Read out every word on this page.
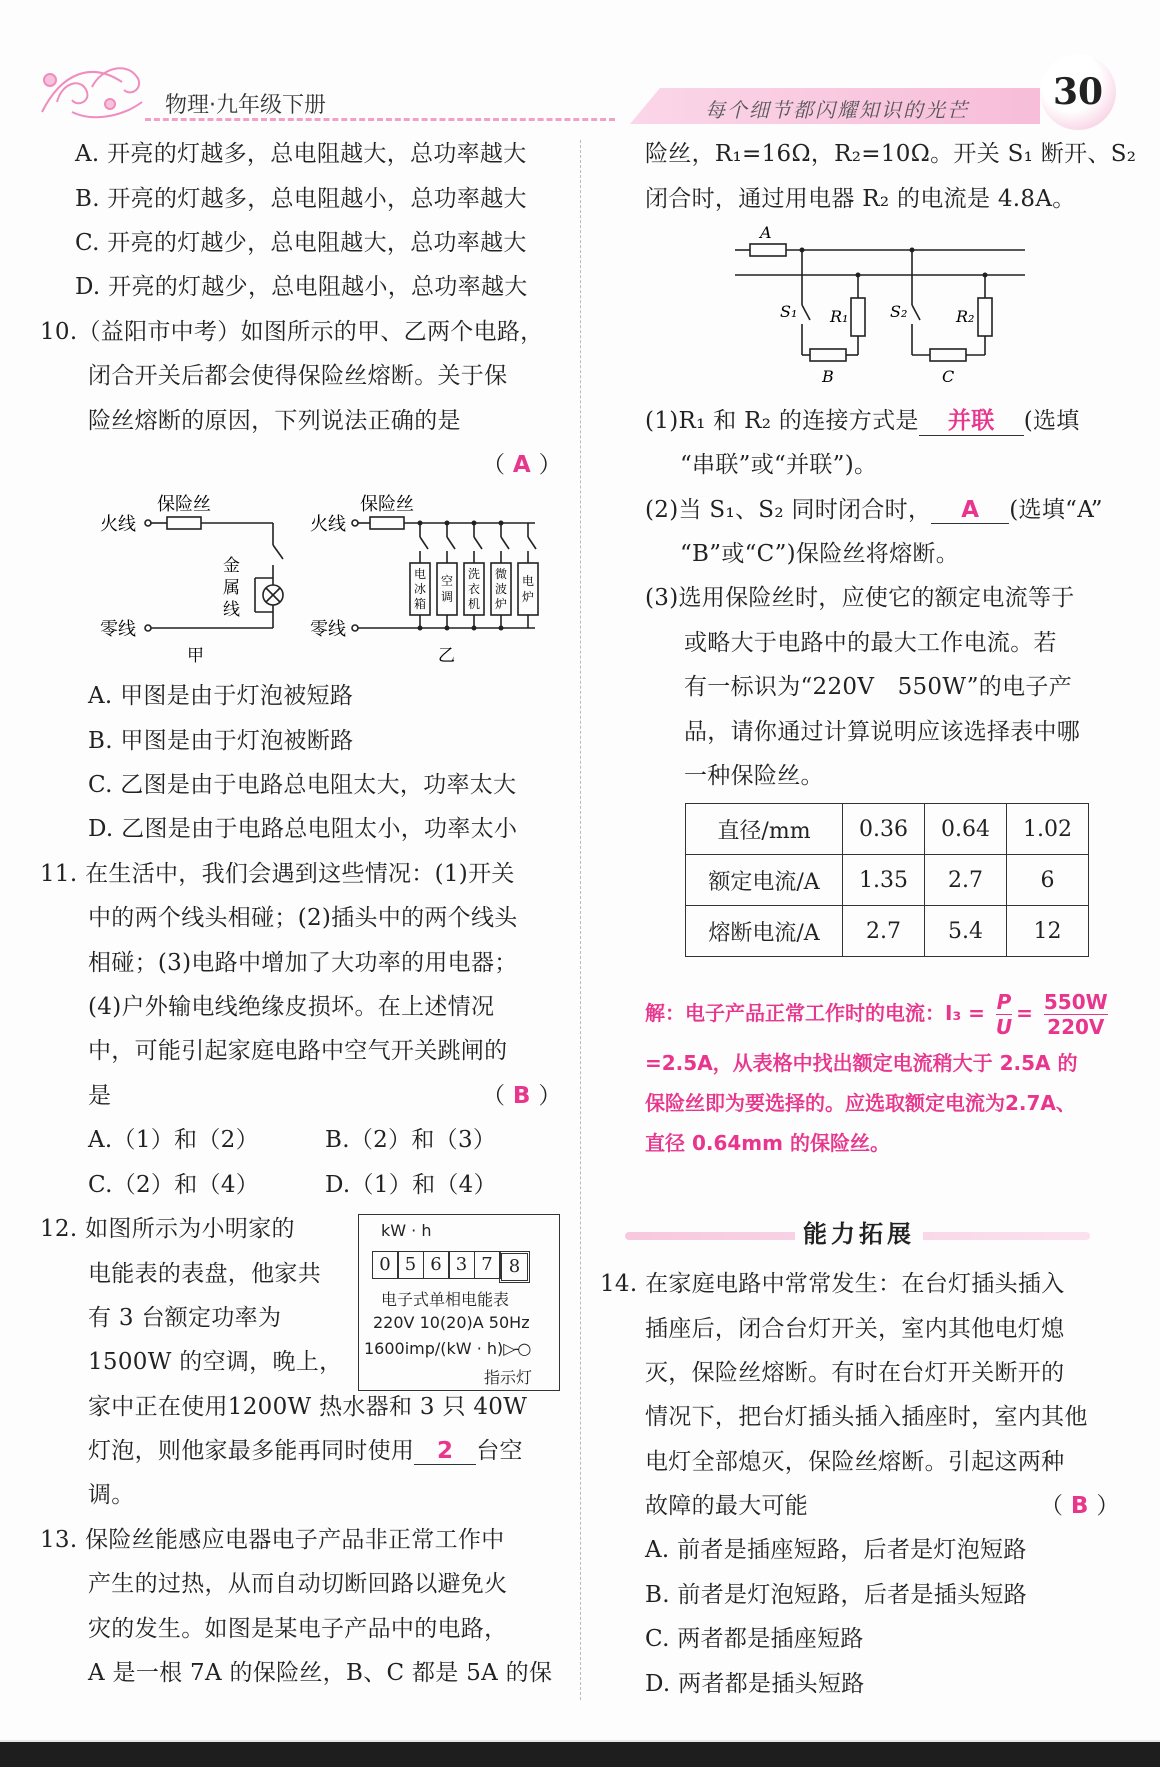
物理·九年级下册	每个细节都闪耀知识的光芒	30
A. 开亮的灯越多，总电阻越大，总功率越大
B. 开亮的灯越多，总电阻越小，总功率越大
C. 开亮的灯越少，总电阻越大，总功率越大
D. 开亮的灯越少，总电阻越小，总功率越大
10.（益阳市中考）如图所示的甲、乙两个电路，
闭合开关后都会使得保险丝熔断。关于保
险丝熔断的原因，下列说法正确的是
（ A ）
火线
保险丝
零线
金
属
线
甲
火线
保险丝
零线
乙
电
冰
箱
空
调
洗
衣
机
微
波
炉
电
炉
A. 甲图是由于灯泡被短路
B. 甲图是由于灯泡被断路
C. 乙图是由于电路总电阻太大，功率太大
D. 乙图是由于电路总电阻太小，功率太小
11. 在生活中，我们会遇到这些情况：(1)开关
中的两个线头相碰；(2)插头中的两个线头
相碰；(3)电路中增加了大功率的用电器；
(4)户外输电线绝缘皮损坏。在上述情况
中，可能引起家庭电路中空气开关跳闸的
是	（ B ）
A.（1）和（2）	B.（2）和（3）
C.（2）和（4）	D.（1）和（4）
12. 如图所示为小明家的
电能表的表盘，他家共
有 3 台额定功率为
1500W 的空调，晚上，
家中正在使用1200W 热水器和 3 只 40W
灯泡，则他家最多能再同时使用 2 台空
调。
kW · h
0 5 6 3 7 8
电子式单相电能表
220V 10(20)A 50Hz
1600imp/(kW · h)▷-○
指示灯
13. 保险丝能感应电器电子产品非正常工作中
产生的过热，从而自动切断回路以避免火
灾的发生。如图是某电子产品中的电路，
A 是一根 7A 的保险丝，B、C 都是 5A 的保
险丝，R₁=16Ω，R₂=10Ω。开关 S₁ 断开、S₂
闭合时，通过用电器 R₂ 的电流是 4.8A。
A
S₁ R₁
B
S₂	R₂
C
(1)R₁ 和 R₂ 的连接方式是 并联 (选填
“串联”或“并联”)。
(2)当 S₁、S₂ 同时闭合时， A (选填“A”
“B”或“C”)保险丝将熔断。
(3)选用保险丝时，应使它的额定电流等于
或略大于电路中的最大工作电流。若
有一标识为“220V　550W”的电子产
品，请你通过计算说明应该选择表中哪
一种保险丝。
直径/mm	0.36	0.64	1.02
额定电流/A	1.35	2.7	6
熔断电流/A	2.7	5.4	12
解：电子产品正常工作时的电流：$I_3 = \frac{P}{U} = \frac{550W}{220V}$
=2.5A，从表格中找出额定电流稍大于 2.5A 的
保险丝即为要选择的。应选取额定电流为2.7A、
直径 0.64mm 的保险丝。
能力拓展
14. 在家庭电路中常常发生：在台灯插头插入
插座后，闭合台灯开关，室内其他电灯熄
灭，保险丝熔断。有时在台灯开关断开的
情况下，把台灯插头插入插座时，室内其他
电灯全部熄灭，保险丝熔断。引起这两种
故障的最大可能	（ B ）
A. 前者是插座短路，后者是灯泡短路
B. 前者是灯泡短路，后者是插头短路
C. 两者都是插座短路
D. 两者都是插头短路
